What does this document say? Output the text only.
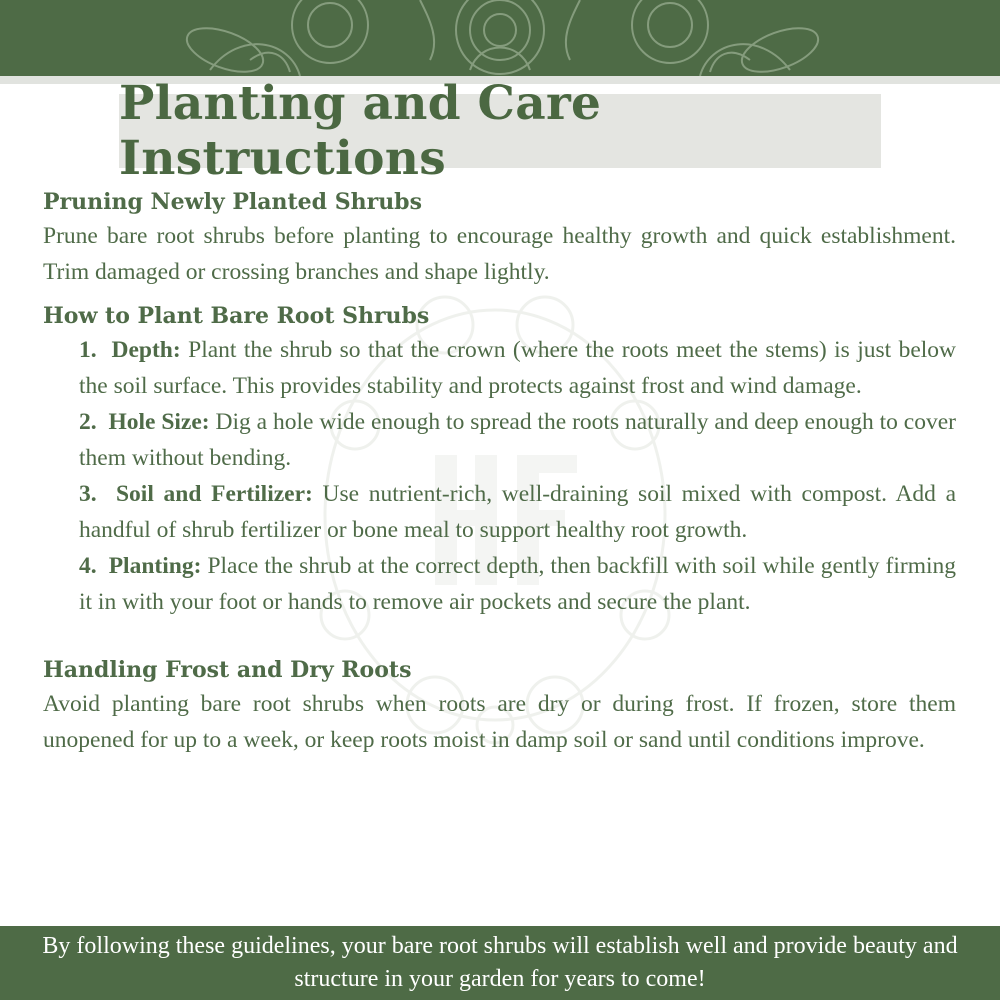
Planting and Care Instructions

Pruning Newly Planted Shrubs

Prune bare root shrubs before planting to encourage healthy growth and quick establishment. Trim damaged or crossing branches and shape lightly.

How to Plant Bare Root Shrubs

1. Depth: Plant the shrub so that the crown (where the roots meet the stems) is just below the soil surface. This provides stability and protects against frost and wind damage.
2. Hole Size: Dig a hole wide enough to spread the roots naturally and deep enough to cover them without bending.
3. Soil and Fertilizer: Use nutrient-rich, well-draining soil mixed with compost. Add a handful of shrub fertilizer or bone meal to support healthy root growth.
4. Planting: Place the shrub at the correct depth, then backfill with soil while gently firming it in with your foot or hands to remove air pockets and secure the plant.

Handling Frost and Dry Roots

Avoid planting bare root shrubs when roots are dry or during frost. If frozen, store them unopened for up to a week, or keep roots moist in damp soil or sand until conditions improve.

By following these guidelines, your bare root shrubs will establish well and provide beauty and structure in your garden for years to come!
